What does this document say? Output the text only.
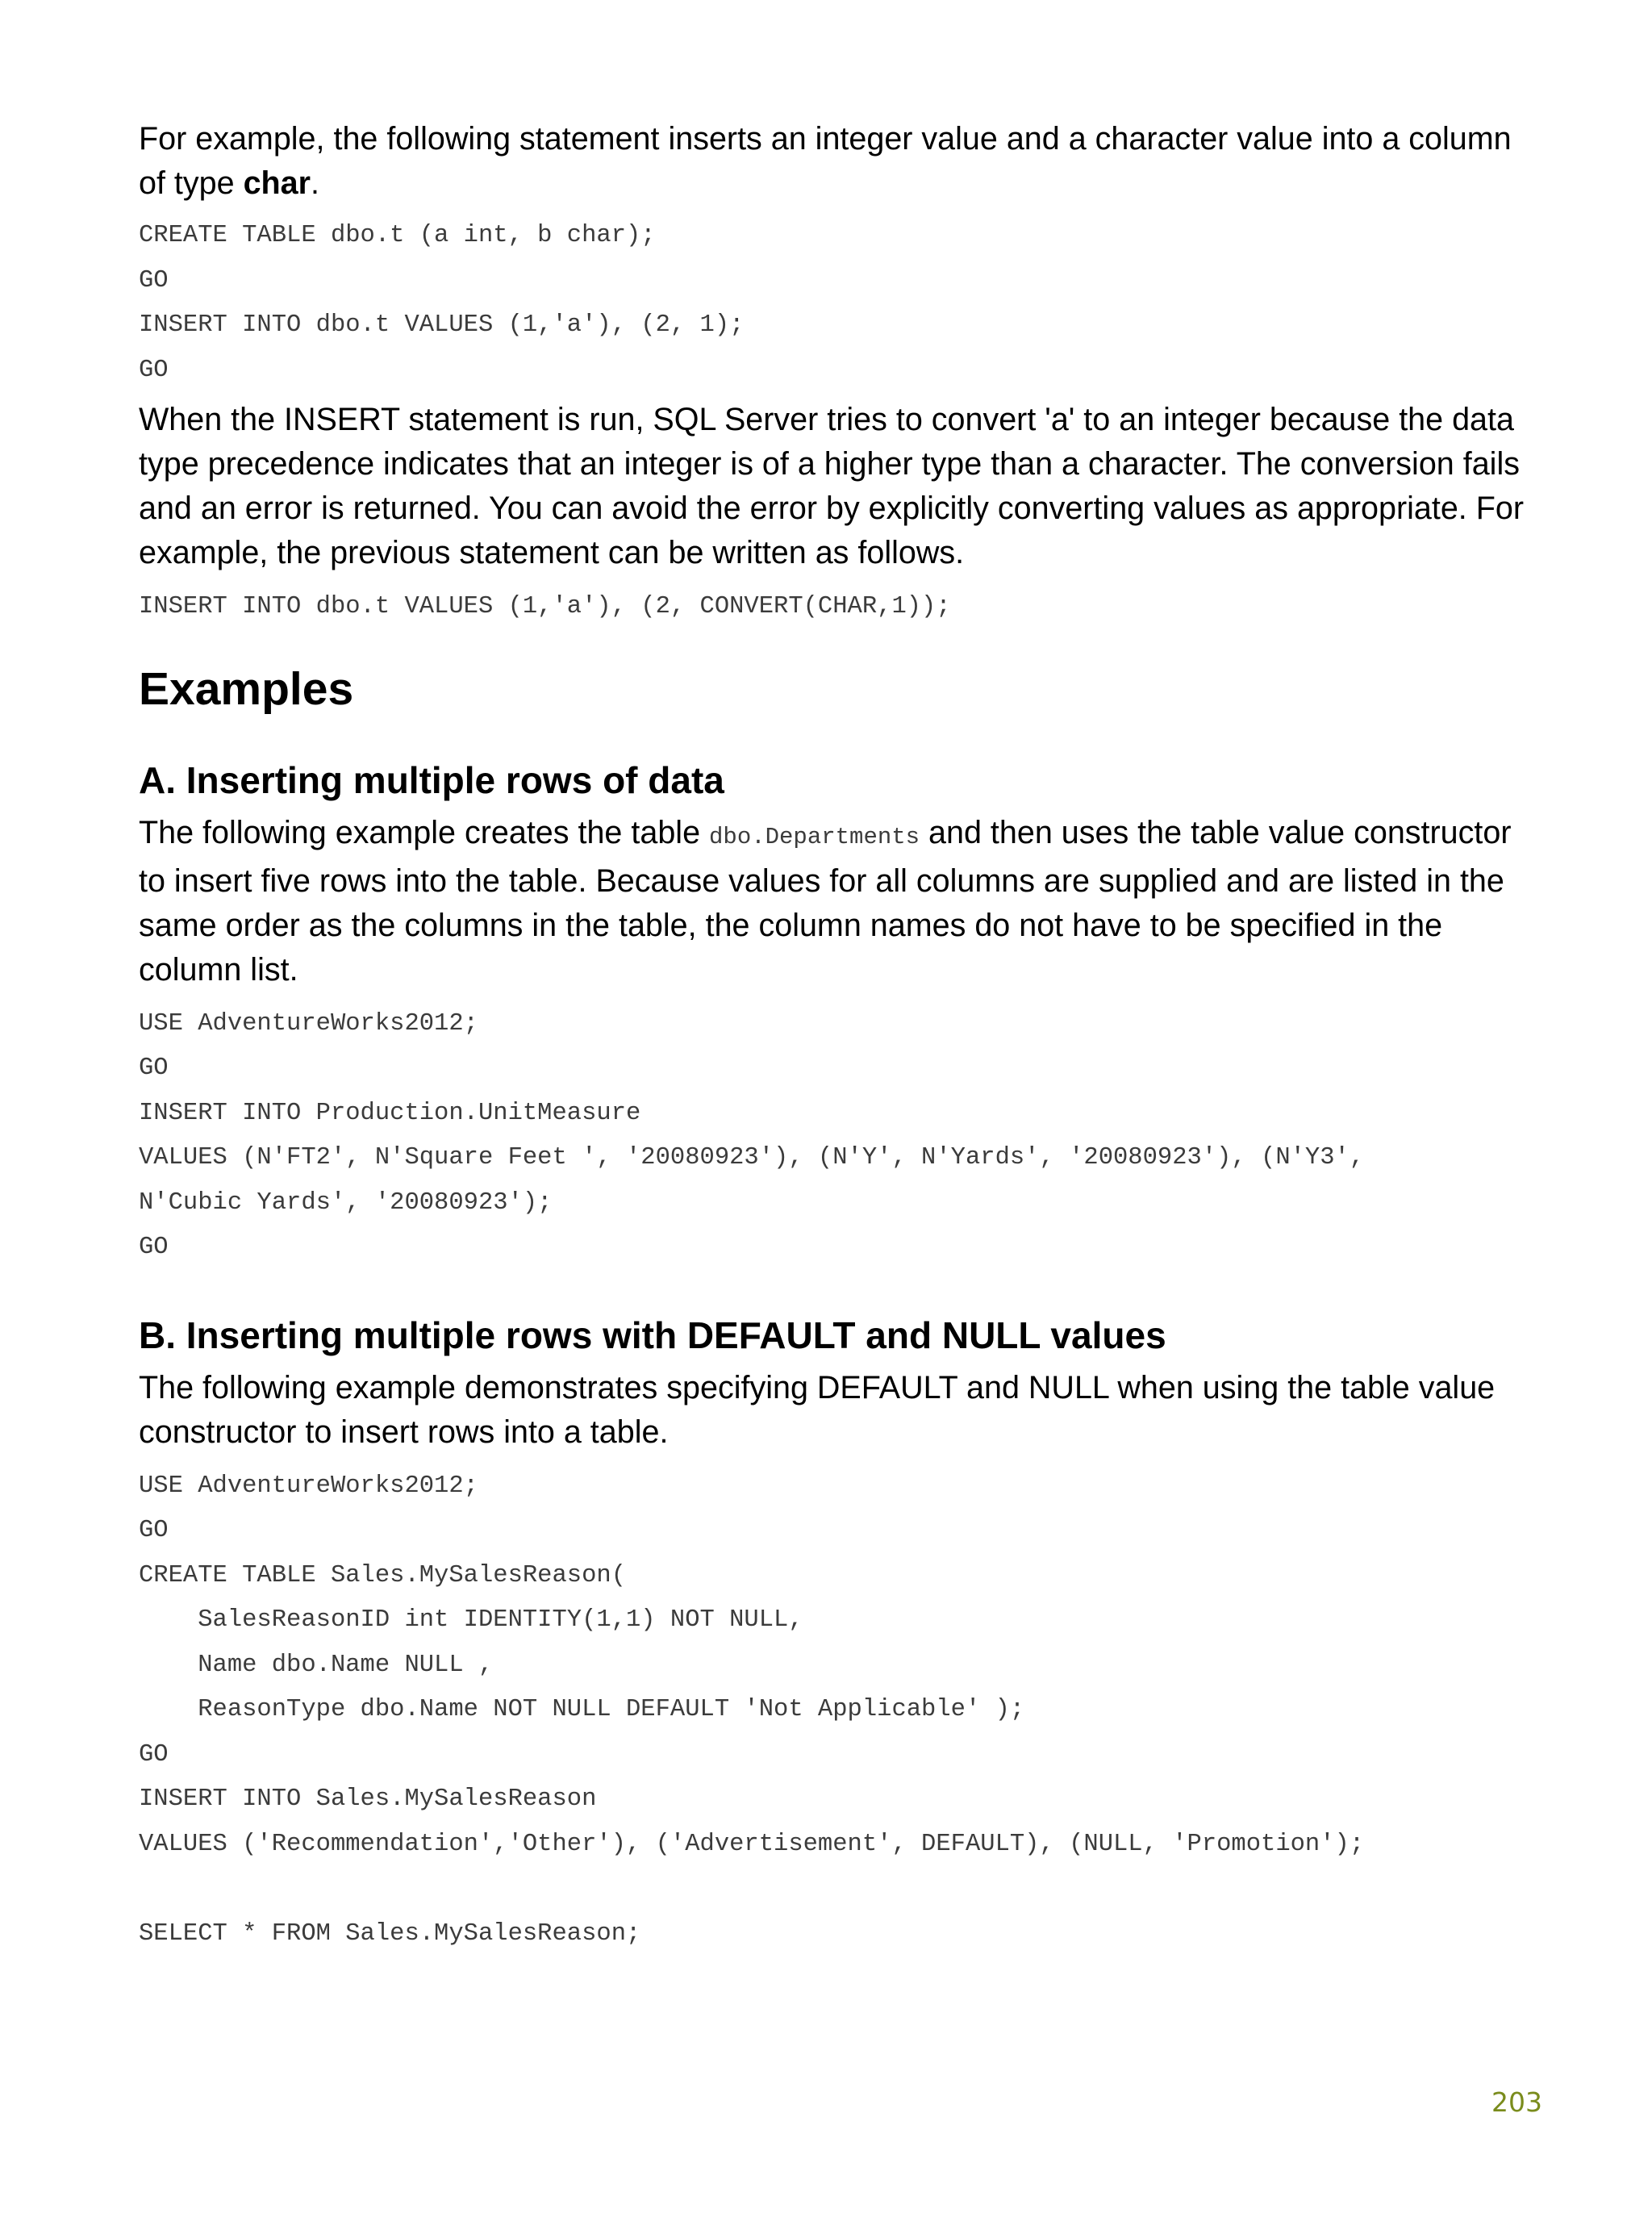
For example, the following statement inserts an integer value and a character value into a column of type char.

CREATE TABLE dbo.t (a int, b char);
GO
INSERT INTO dbo.t VALUES (1,'a'), (2, 1);
GO

When the INSERT statement is run, SQL Server tries to convert 'a' to an integer because the data type precedence indicates that an integer is of a higher type than a character. The conversion fails and an error is returned. You can avoid the error by explicitly converting values as appropriate. For example, the previous statement can be written as follows.

INSERT INTO dbo.t VALUES (1,'a'), (2, CONVERT(CHAR,1));
Examples
A. Inserting multiple rows of data

The following example creates the table dbo.Departments and then uses the table value constructor to insert five rows into the table. Because values for all columns are supplied and are listed in the same order as the columns in the table, the column names do not have to be specified in the column list.

USE AdventureWorks2012;
GO
INSERT INTO Production.UnitMeasure
VALUES (N'FT2', N'Square Feet ', '20080923'), (N'Y', N'Yards', '20080923'), (N'Y3',
N'Cubic Yards', '20080923');
GO
B. Inserting multiple rows with DEFAULT and NULL values

The following example demonstrates specifying DEFAULT and NULL when using the table value constructor to insert rows into a table.

USE AdventureWorks2012;
GO
CREATE TABLE Sales.MySalesReason(
SalesReasonID int IDENTITY(1,1) NOT NULL,
Name dbo.Name NULL ,
ReasonType dbo.Name NOT NULL DEFAULT 'Not Applicable' );
GO
INSERT INTO Sales.MySalesReason
VALUES ('Recommendation','Other'), ('Advertisement', DEFAULT), (NULL, 'Promotion');
SELECT * FROM Sales.MySalesReason;
203
